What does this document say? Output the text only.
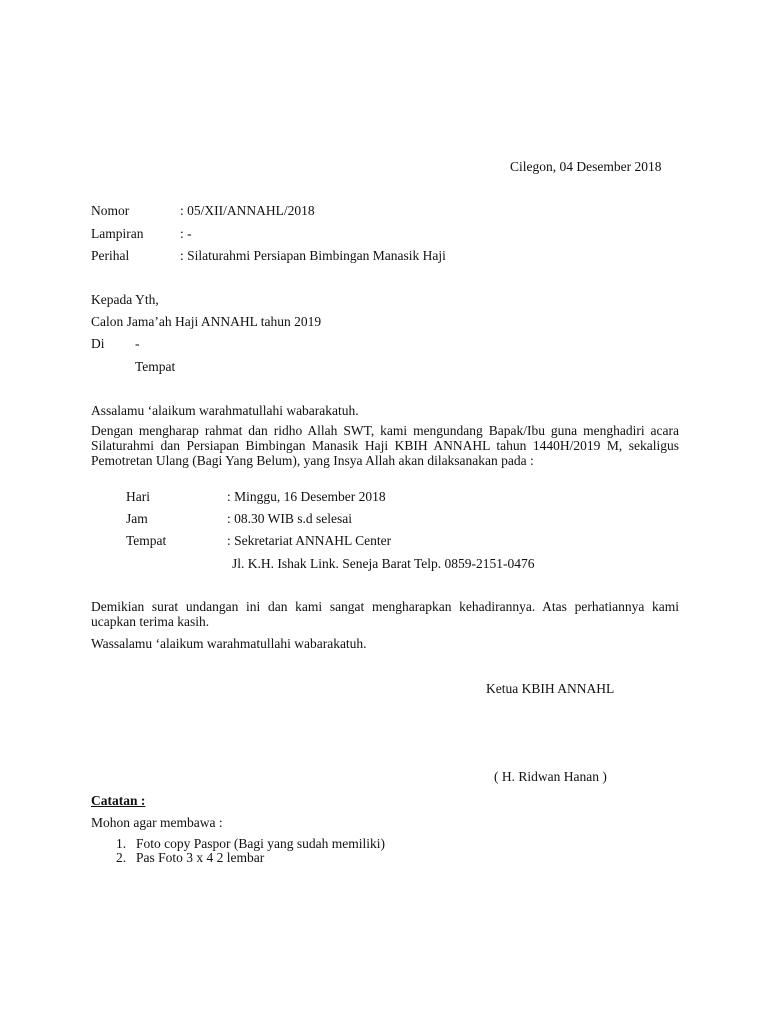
Cilegon, 04 Desember 2018
Nomor	: 05/XII/ANNAHL/2018
Lampiran	: -
Perihal	: Silaturahmi Persiapan Bimbingan Manasik Haji
Kepada Yth,
Calon Jama’ah Haji ANNAHL tahun 2019
Di -
Tempat
Assalamu ‘alaikum warahmatullahi wabarakatuh.
Dengan mengharap rahmat dan ridho Allah SWT, kami mengundang Bapak/Ibu guna menghadiri acara Silaturahmi dan Persiapan Bimbingan Manasik Haji KBIH ANNAHL tahun 1440H/2019 M, sekaligus Pemotretan Ulang (Bagi Yang Belum), yang Insya Allah akan dilaksanakan pada :
Hari	: Minggu, 16 Desember 2018
Jam	: 08.30 WIB s.d selesai
Tempat	: Sekretariat ANNAHL Center
Jl. K.H. Ishak Link. Seneja Barat Telp. 0859-2151-0476
Demikian surat undangan ini dan kami sangat mengharapkan kehadirannya. Atas perhatiannya kami ucapkan terima kasih.
Wassalamu ‘alaikum warahmatullahi wabarakatuh.
Ketua KBIH ANNAHL
( H. Ridwan Hanan )
Catatan :
Mohon agar membawa :
1. Foto copy Paspor (Bagi yang sudah memiliki)
2. Pas Foto 3 x 4 2 lembar
